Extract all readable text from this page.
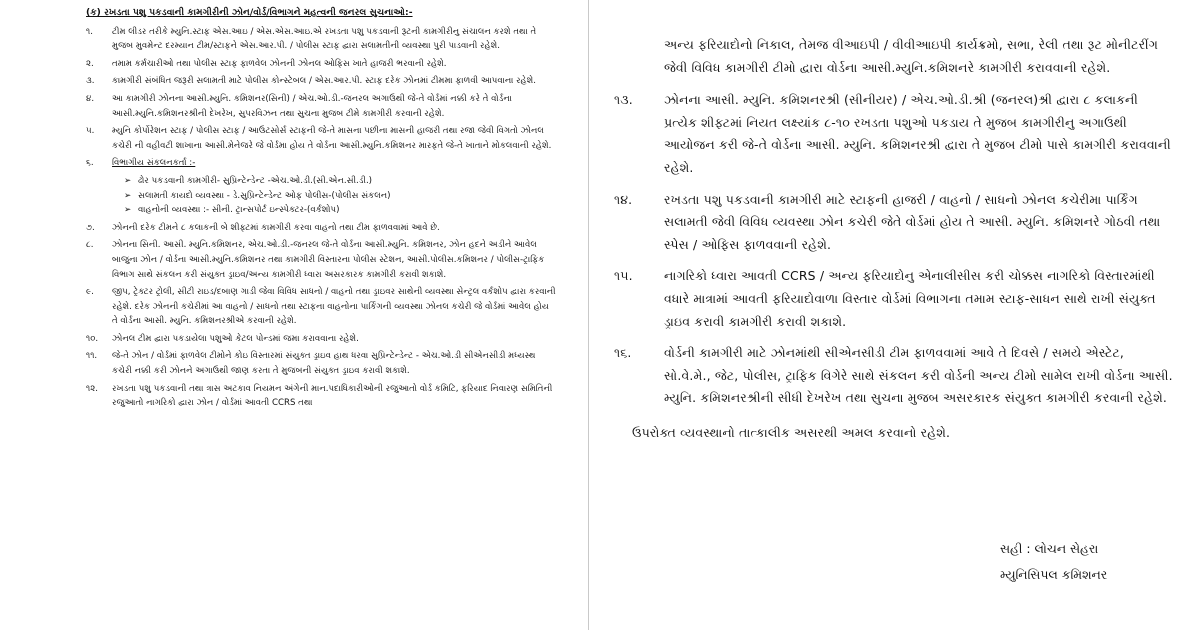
(ક) રખડતા પશુ પકડવાની કામગીરીની ઝોન/વોર્ડ/વિભાગને મહત્વની જનરલ સુચનાઓ:-
૧.	ટીમ લીડર તરીકે મ્યુનિ.સ્ટાફ એસ.આઇ / એસ.એસ.આઇ.એ રખડતા પશુ પકડવાની રૂટની કામગીરીનુ સંચાલન કરશે તથા તે મુજબ મુવમેન્ટ દરમ્યાન ટીમ/સ્ટાફને એસ.આર.પી. / પોલીસ સ્ટાફ દ્વારા સલામતીની વ્યવસ્થા પુરી પાડવાની રહેશે.
૨.	તમામ કર્મચારીઓ તથા પોલીસ સ્ટાફ ફાળવેલ ઝોનની ઝોનલ ઓફિસ ખાતે હાજરી ભરવાની રહેશે.
૩.	કામગીરી સંબંધિત જરૂરી સલામતી માટે પોલીસ કોન્સ્ટેબલ / એસ.આર.પી. સ્ટાફ દરેક ઝોનમાં ટીમમા ફાળવી આપવાના રહેશે.
૪.	આ કામગીરી ઝોનના આસી.મ્યુનિ. કમિશનર(સિની) / એચ.ઓ.ડી.-જનરલ અગાઉથી જે-તે વોર્ડમાં નક્કી કરે તે વોર્ડના આસી.મ્યુનિ.કમિશનરશ્રીની દેખરેખ, સુપરવિઝન તથા સુચના મુજબ ટીમે કામગીરી કરવાની રહેશે.
૫.	મ્યુનિ કોર્પોરેશન સ્ટાફ / પોલીસ સ્ટાફ / આઉટસોર્સ સ્ટાફની જે-તે માસના પછીના માસની હાજરી તથા રજા જેવી વિગતો ઝોનલ કચેરી ની વહીવટી શાખાના આસી.મેનેજરે જે વોર્ડમા હોય તે વોર્ડના આસી.મ્યુનિ.કમિશનર મારફતે જે-તે ખાતાને મોકલવાની રહેશે.
૬.	વિભાગીય સંકલનકર્તા :-
➢ ઢોર પકડવાની કામગીરી- સુપ્રિન્ટેન્ડેન્ટ -એચ.ઓ.ડી.(સી.એન.સી.ડી.)
➢ સલામતી કાયદો વ્યવસ્થા - ડે.સુપ્રિન્ટેન્ડેન્ટ ઓફ પોલીસ-(પોલીસ સંકલન)
➢ વાહનોની વ્યવસ્થા :- સીની. ટ્રાન્સપોર્ટ ઇન્સ્પેક્ટર-(વર્કશોપ)
૭.	ઝોનની દરેક ટીમને ૮ કલાકની બે શીફ્ટમાં કામગીરી કરવા વાહનો તથા ટીમ ફાળવવામાં આવે છે.
૮.	ઝોનના સિની. આસી. મ્યુનિ.કમિશનર, એચ.ઓ.ડી.-જનરલ જે-તે વોર્ડના આસી.મ્યુનિ. કમિશનર, ઝોન હદને અડીને આવેલ બાજુના ઝોન / વોર્ડના આસી.મ્યુનિ.કમિશનર તથા કામગીરી વિસ્તારના પોલીસ સ્ટેશન, આસી.પોલીસ.કમિશનર / પોલીસ-ટ્રાફિક વિભાગ સાથે સંકલન કરી સંયુક્ત ડ્રાઇવ/અન્ય કામગીરી ધ્વારા અસરકારક કામગીરી કરાવી શકાશે.
૯.	જીપ, ટ્રેક્ટર ટ્રોલી, સીટી રાઇડ/દબાણ ગાડી જેવા વિવિધ સાધનો / વાહનો તથા ડ્રાઇવર સાથેની વ્યવસ્થા સેન્ટ્રલ વર્કશોપ દ્વારા કરવાની રહેશે. દરેક ઝોનની કચેરીમાં આ વાહનો / સાધનો તથા સ્ટાફના વાહનોના પાર્કિંગની વ્યવસ્થા ઝોનલ કચેરી જે વોર્ડમાં આવેલ હોય તે વોર્ડના આસી. મ્યુનિ. કમિશનરશ્રીએ કરવાની રહેશે.
૧૦.	ઝોનલ ટીમ દ્વારા પકડાયેલા પશુઓ કેટલ પોન્ડમાં જમા કરાવવાના રહેશે.
૧૧.	જે-તે ઝોન / વોર્ડમાં ફાળવેલ ટીમોને કોઇ વિસ્તારમાં સંયુક્ત ડ્રાઇવ હાથ ધરવા સુપ્રિન્ટેન્ડેન્ટ - એચ.ઓ.ડી સીએનસીડી મધ્યસ્થ કચેરી નક્કી કરી ઝોનને અગાઉથી જાણ કરતા તે મુજબની સંયુક્ત ડ્રાઇવ કરાવી શકાશે.
૧૨.	રખડતા પશુ પકડવાની તથા ત્રાસ અટકાવ નિયમન અંગેની માન.પદાધિકારીઓની રજુઆતો વોર્ડ કમિટિ, ફરિયાદ નિવારણ સમિતિની રજુઆતો નાગરિકો દ્વારા ઝોન / વોર્ડમાં આવતી CCRS તથા
અન્ય ફરિયાદોનો નિકાલ, તેમજ વીઆઇપી / વીવીઆઇપી કાર્યક્રમો, સભા, રેલી તથા રૂટ મોનીટરીંગ જેવી વિવિધ કામગીરી ટીમો દ્વારા વોર્ડના આસી.મ્યુનિ.કમિશનરે કામગીરી કરાવવાની રહેશે.
૧૩.	ઝોનના આસી. મ્યુનિ. કમિશનરશ્રી (સીનીયર) / એચ.ઓ.ડી.શ્રી (જનરલ)શ્રી દ્વારા ૮ કલાકની પ્રત્યેક શીફ્ટમાં નિયત લક્ષ્યાંક ૮-૧૦ રખડતા પશુઓ પકડાય તે મુજબ કામગીરીનુ અગાઉથી આયોજન કરી જે-તે વોર્ડના આસી. મ્યુનિ. કમિશનરશ્રી દ્વારા તે મુજબ ટીમો પાસે કામગીરી કરાવવાની રહેશે.
૧૪.	રખડતા પશુ પકડવાની કામગીરી માટે સ્ટાફની હાજરી / વાહનો / સાધનો ઝોનલ કચેરીમા પાર્કિંગ સલામતી જેવી વિવિધ વ્યવસ્થા ઝોન કચેરી જેતે વોર્ડમાં હોય તે આસી. મ્યુનિ. કમિશનરે ગોઠવી તથા સ્પેસ / ઓફિસ ફાળવવાની રહેશે.
૧૫.	નાગરિકો ધ્વારા આવતી CCRS / અન્ય ફરિયાદોનુ એનાલીસીસ કરી ચોક્કસ નાગરિકો વિસ્તારમાંથી વધારે માત્રામાં આવતી ફરિયાદોવાળા વિસ્તાર વોર્ડમાં વિભાગના તમામ સ્ટાફ-સાધન સાથે રાખી સંયુક્ત ડ્રાઇવ કરાવી કામગીરી કરાવી શકાશે.
૧૬.	વોર્ડની કામગીરી માટે ઝોનમાંથી સીએનસીડી ટીમ ફાળવવામાં આવે તે દિવસે / સમયે એસ્ટેટ, સો.વે.મે., જેટ, પોલીસ, ટ્રાફિક વિગેરે સાથે સંકલન કરી વોર્ડની અન્ય ટીમો સામેલ રાખી વોર્ડના આસી. મ્યુનિ. કમિશનરશ્રીની સીધી દેખરેખ તથા સુચના મુજબ અસરકારક સંયુક્ત કામગીરી કરવાની રહેશે.
ઉપરોક્ત વ્યવસ્થાનો તાત્કાલીક અસરથી અમલ કરવાનો રહેશે.
સહી : લોચન સેહરા
મ્યુનિસિપલ કમિશનર
